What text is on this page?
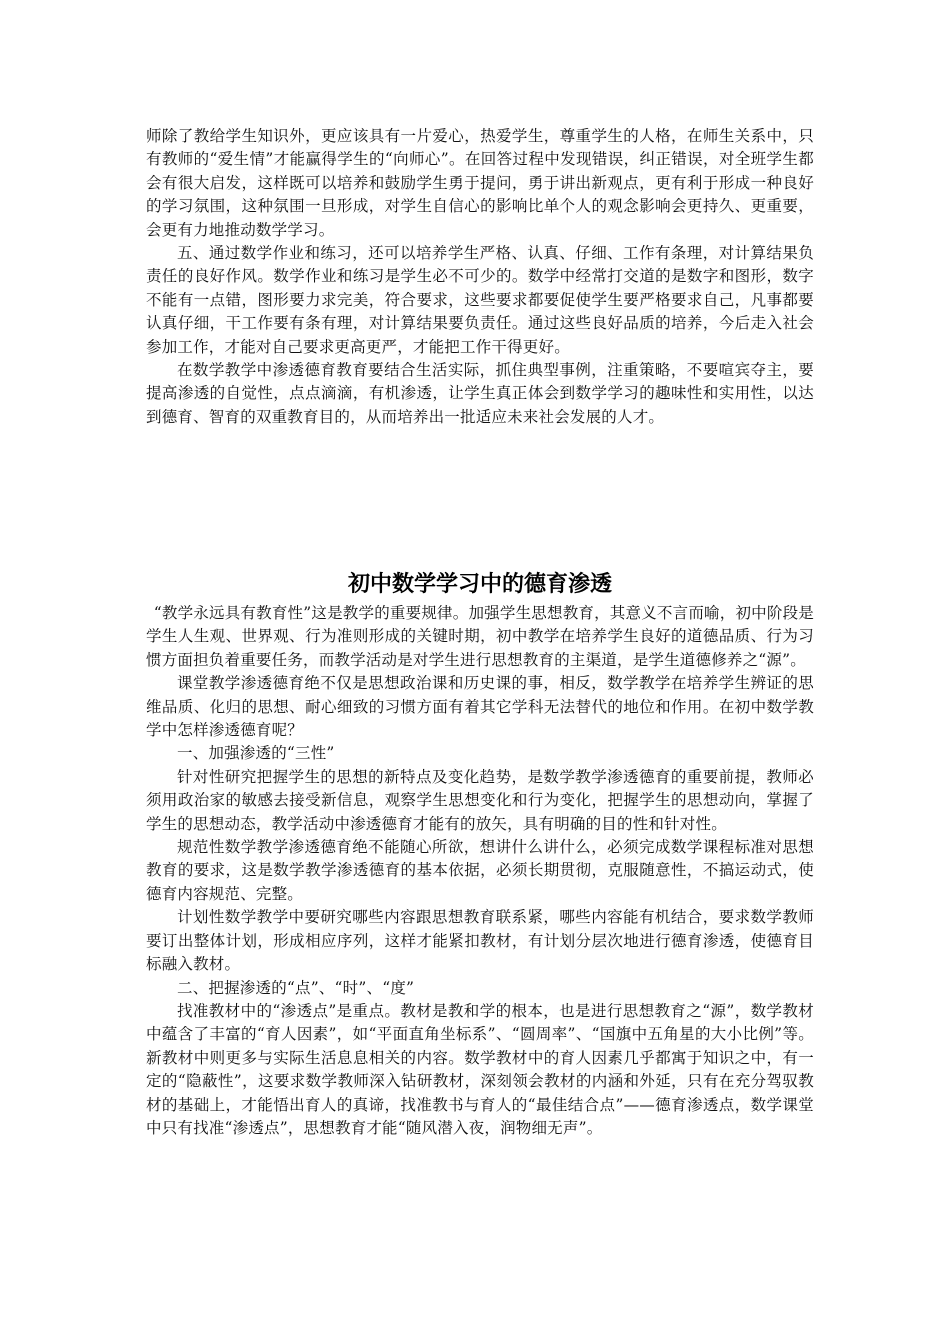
师除了教给学生知识外，更应该具有一片爱心，热爱学生，尊重学生的人格，在师生关系中，只有教师的“爱生情”才能赢得学生的“向师心”。在回答过程中发现错误，纠正错误，对全班学生都会有很大启发，这样既可以培养和鼓励学生勇于提问，勇于讲出新观点，更有利于形成一种良好的学习氛围，这种氛围一旦形成，对学生自信心的影响比单个人的观念影响会更持久、更重要，会更有力地推动数学学习。

五、通过数学作业和练习，还可以培养学生严格、认真、仔细、工作有条理，对计算结果负责任的良好作风。数学作业和练习是学生必不可少的。数学中经常打交道的是数字和图形，数字不能有一点错，图形要力求完美，符合要求，这些要求都要促使学生要严格要求自己，凡事都要认真仔细，干工作要有条有理，对计算结果要负责任。通过这些良好品质的培养，今后走入社会参加工作，才能对自己要求更高更严，才能把工作干得更好。

在数学教学中渗透德育教育要结合生活实际，抓住典型事例，注重策略，不要喧宾夺主，要提高渗透的自觉性，点点滴滴，有机渗透，让学生真正体会到数学学习的趣味性和实用性，以达到德育、智育的双重教育目的，从而培养出一批适应未来社会发展的人才。

初中数学学习中的德育渗透

“教学永远具有教育性”这是教学的重要规律。加强学生思想教育，其意义不言而喻，初中阶段是学生人生观、世界观、行为准则形成的关键时期，初中教学在培养学生良好的道德品质、行为习惯方面担负着重要任务，而教学活动是对学生进行思想教育的主渠道，是学生道德修养之“源”。

课堂教学渗透德育绝不仅是思想政治课和历史课的事，相反，数学教学在培养学生辨证的思维品质、化归的思想、耐心细致的习惯方面有着其它学科无法替代的地位和作用。在初中数学教学中怎样渗透德育呢？

一、加强渗透的“三性”

针对性研究把握学生的思想的新特点及变化趋势，是数学教学渗透德育的重要前提，教师必须用政治家的敏感去接受新信息，观察学生思想变化和行为变化，把握学生的思想动向，掌握了学生的思想动态，教学活动中渗透德育才能有的放矢，具有明确的目的性和针对性。

规范性数学教学渗透德育绝不能随心所欲，想讲什么讲什么，必须完成数学课程标准对思想教育的要求，这是数学教学渗透德育的基本依据，必须长期贯彻，克服随意性，不搞运动式，使德育内容规范、完整。

计划性数学教学中要研究哪些内容跟思想教育联系紧，哪些内容能有机结合，要求数学教师要订出整体计划，形成相应序列，这样才能紧扣教材，有计划分层次地进行德育渗透，使德育目标融入教材。

二、把握渗透的“点”、“时”、“度”

找准教材中的“渗透点”是重点。教材是教和学的根本，也是进行思想教育之“源”，数学教材中蕴含了丰富的“育人因素”，如“平面直角坐标系”、“圆周率”、“国旗中五角星的大小比例”等。新教材中则更多与实际生活息息相关的内容。数学教材中的育人因素几乎都寓于知识之中，有一定的“隐蔽性”，这要求数学教师深入钻研教材，深刻领会教材的内涵和外延，只有在充分驾驭教材的基础上，才能悟出育人的真谛，找准教书与育人的“最佳结合点”——德育渗透点，数学课堂中只有找准“渗透点”，思想教育才能“随风潜入夜，润物细无声”。
